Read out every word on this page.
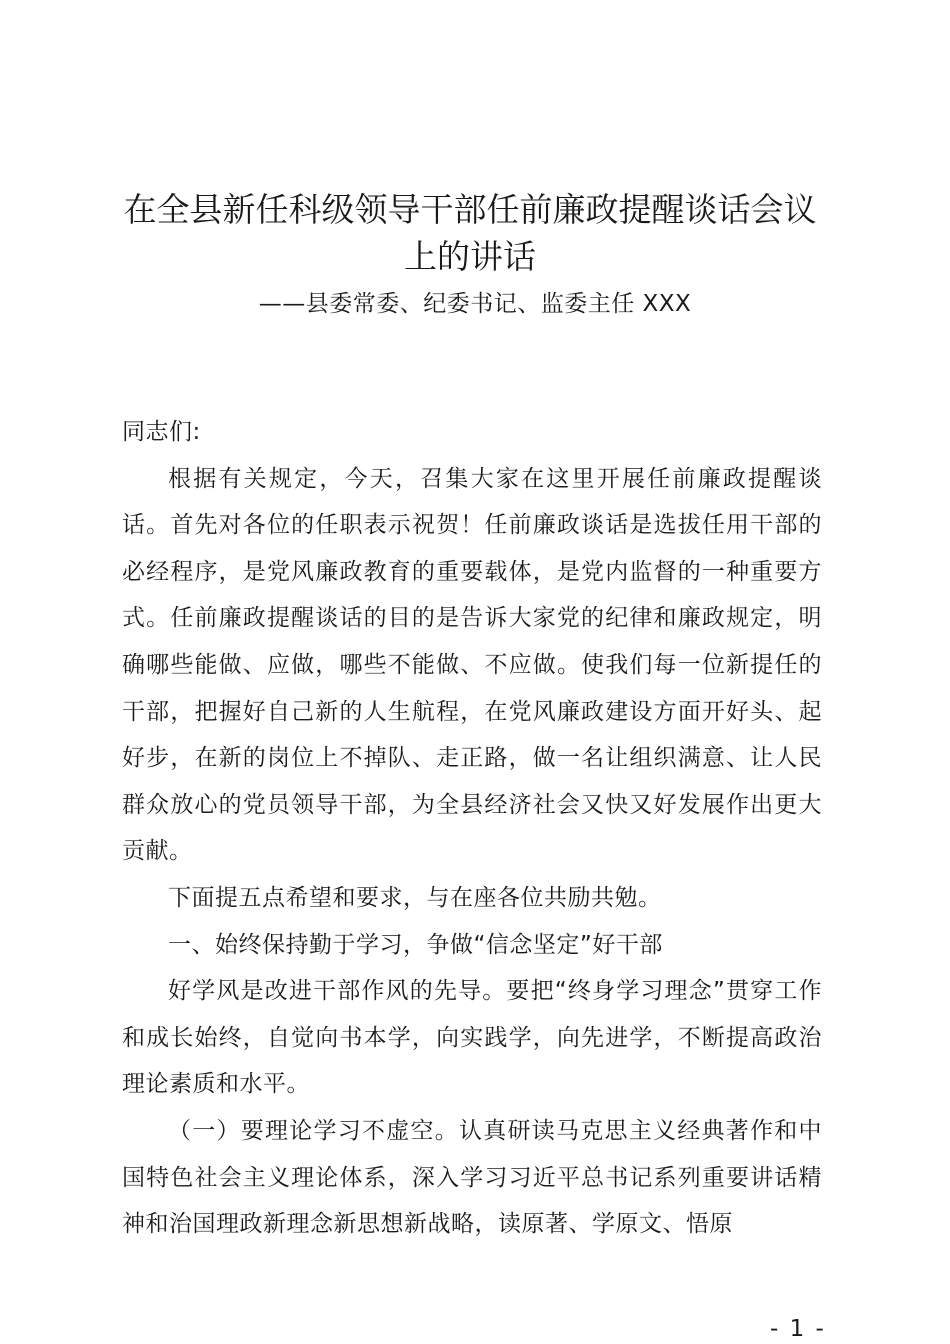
在全县新任科级领导干部任前廉政提醒谈话会议上的讲话
——县委常委、纪委书记、监委主任 XXX

同志们:

根据有关规定，今天，召集大家在这里开展任前廉政提醒谈话。首先对各位的任职表示祝贺！任前廉政谈话是选拔任用干部的必经程序，是党风廉政教育的重要载体，是党内监督的一种重要方式。任前廉政提醒谈话的目的是告诉大家党的纪律和廉政规定，明确哪些能做、应做，哪些不能做、不应做。使我们每一位新提任的干部，把握好自己新的人生航程，在党风廉政建设方面开好头、起好步，在新的岗位上不掉队、走正路，做一名让组织满意、让人民群众放心的党员领导干部，为全县经济社会又快又好发展作出更大贡献。

下面提五点希望和要求，与在座各位共励共勉。

一、始终保持勤于学习，争做“信念坚定”好干部

好学风是改进干部作风的先导。要把“终身学习理念”贯穿工作和成长始终，自觉向书本学，向实践学，向先进学，不断提高政治理论素质和水平。

（一）要理论学习不虚空。认真研读马克思主义经典著作和中国特色社会主义理论体系，深入学习习近平总书记系列重要讲话精神和治国理政新理念新思想新战略，读原著、学原文、悟原

- 1 -
